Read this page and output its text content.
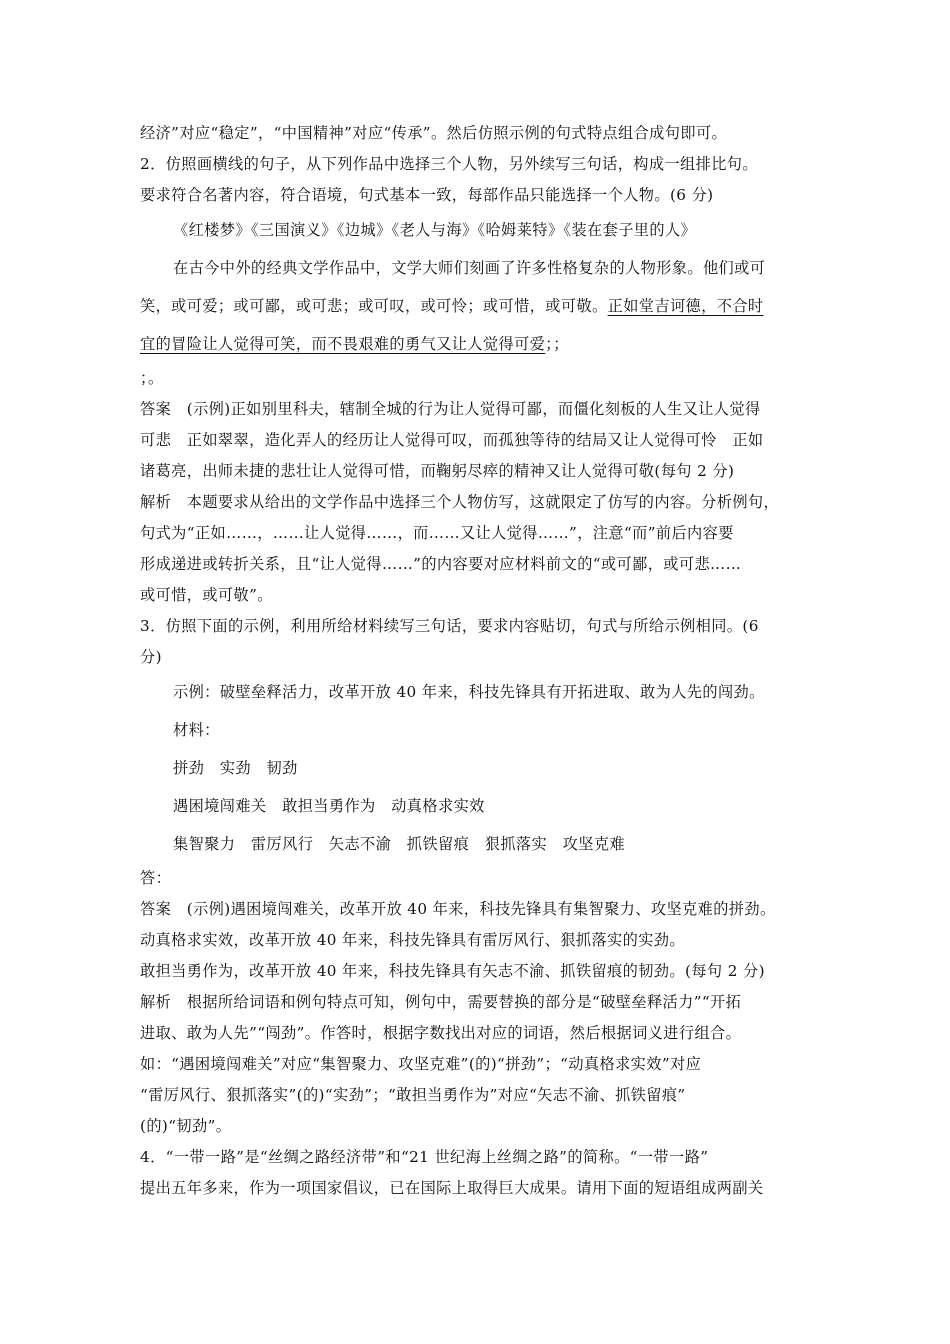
经济”对应“稳定”，“中国精神”对应“传承”。然后仿照示例的句式特点组合成句即可。
2．仿照画横线的句子，从下列作品中选择三个人物，另外续写三句话，构成一组排比句。
要求符合名著内容，符合语境，句式基本一致，每部作品只能选择一个人物。(6 分)
《红楼梦》《三国演义》《边城》《老人与海》《哈姆莱特》《装在套子里的人》
在古今中外的经典文学作品中，文学大师们刻画了许多性格复杂的人物形象。他们或可
笑，或可爱；或可鄙，或可悲；或可叹，或可怜；或可惜，或可敬。正如堂吉诃德，不合时
宜的冒险让人觉得可笑，而不畏艰难的勇气又让人觉得可爱；；
；。
答案　(示例)正如别里科夫，辖制全城的行为让人觉得可鄙，而僵化刻板的人生又让人觉得
可悲　正如翠翠，造化弄人的经历让人觉得可叹，而孤独等待的结局又让人觉得可怜　正如
诸葛亮，出师未捷的悲壮让人觉得可惜，而鞠躬尽瘁的精神又让人觉得可敬(每句 2 分)
解析　本题要求从给出的文学作品中选择三个人物仿写，这就限定了仿写的内容。分析例句，
句式为“正如……，……让人觉得……，而……又让人觉得……”，注意“而”前后内容要
形成递进或转折关系，且“让人觉得……”的内容要对应材料前文的“或可鄙，或可悲……
或可惜，或可敬”。
3．仿照下面的示例，利用所给材料续写三句话，要求内容贴切，句式与所给示例相同。(6
分)
示例：破壁垒释活力，改革开放 40 年来，科技先锋具有开拓进取、敢为人先的闯劲。
材料：
拼劲　实劲　韧劲
遇困境闯难关　敢担当勇作为　动真格求实效
集智聚力　雷厉风行　矢志不渝　抓铁留痕　狠抓落实　攻坚克难
答：
答案　(示例)遇困境闯难关，改革开放 40 年来，科技先锋具有集智聚力、攻坚克难的拼劲。
动真格求实效，改革开放 40 年来，科技先锋具有雷厉风行、狠抓落实的实劲。
敢担当勇作为，改革开放 40 年来，科技先锋具有矢志不渝、抓铁留痕的韧劲。(每句 2 分)
解析　根据所给词语和例句特点可知，例句中，需要替换的部分是“破壁垒释活力”“开拓
进取、敢为人先”“闯劲”。作答时，根据字数找出对应的词语，然后根据词义进行组合。
如：“遇困境闯难关”对应“集智聚力、攻坚克难”(的)“拼劲”；“动真格求实效”对应
“雷厉风行、狠抓落实”(的)“实劲”；“敢担当勇作为”对应“矢志不渝、抓铁留痕”
(的)“韧劲”。
4．“一带一路”是“丝绸之路经济带”和“21 世纪海上丝绸之路”的简称。“一带一路”
提出五年多来，作为一项国家倡议，已在国际上取得巨大成果。请用下面的短语组成两副关
